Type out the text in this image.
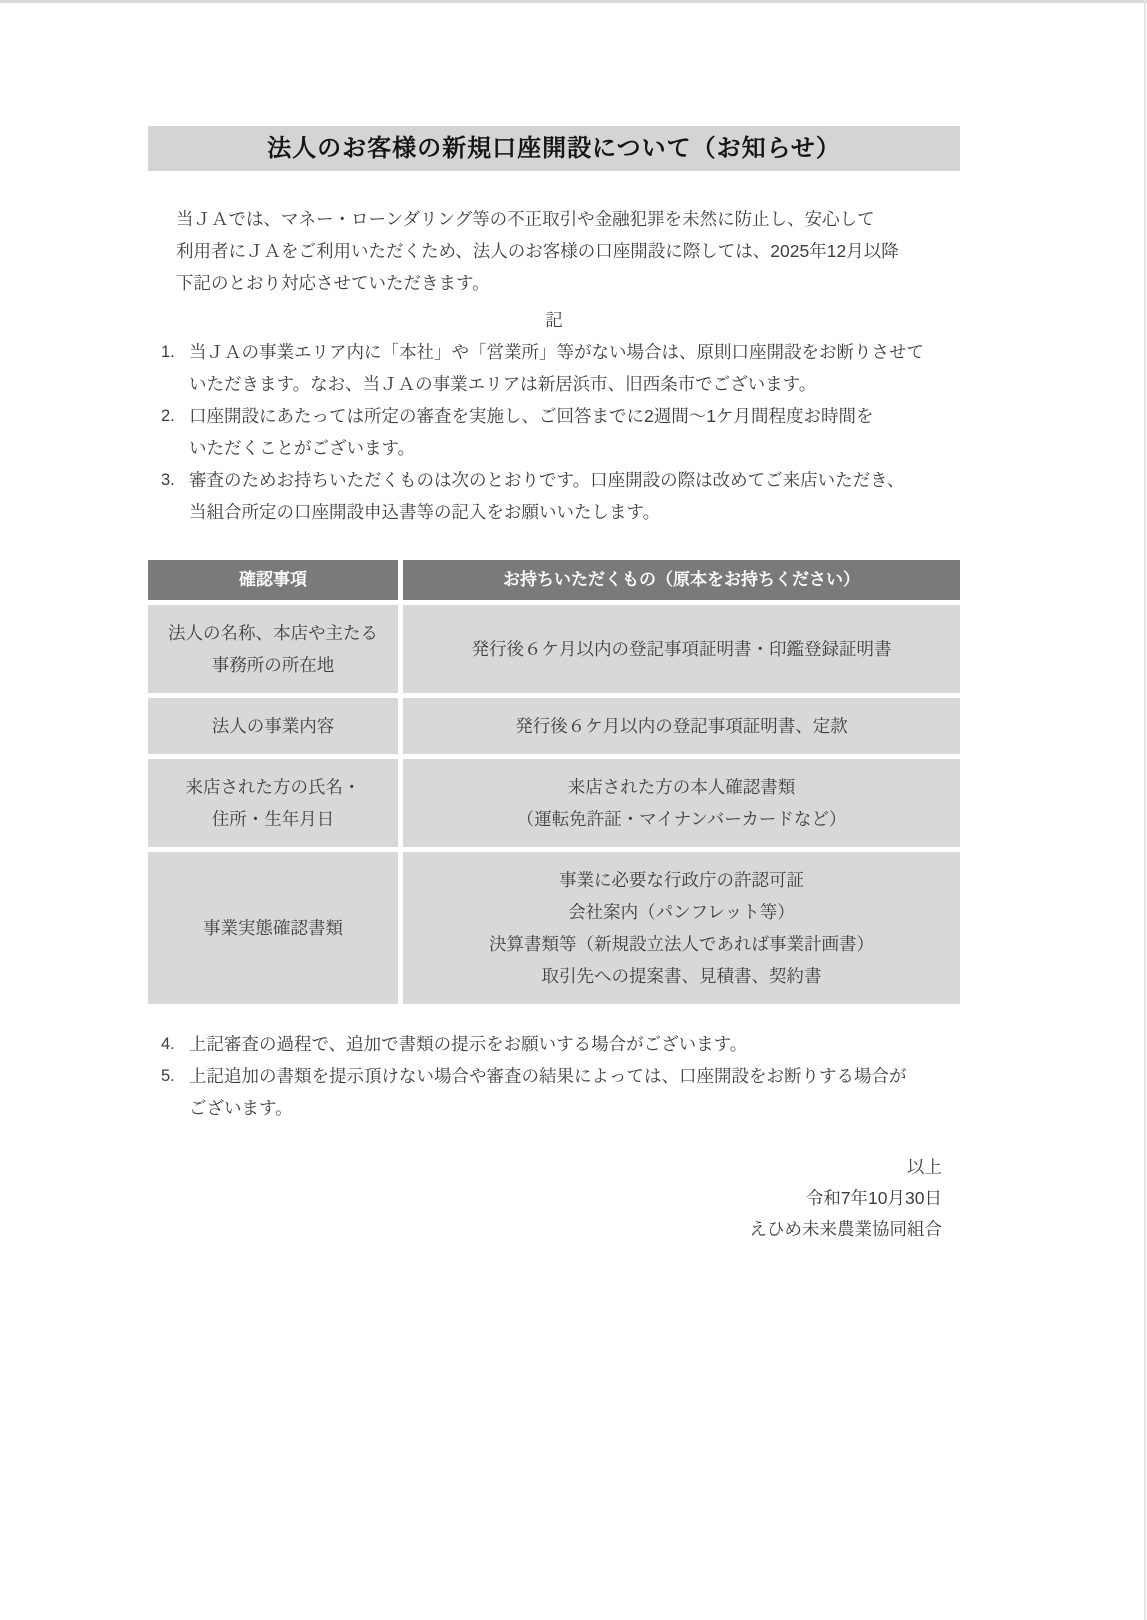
法人のお客様の新規口座開設について（お知らせ）
当ＪＡでは、マネー・ローンダリング等の不正取引や金融犯罪を未然に防止し、安心して
利用者にＪＡをご利用いただくため、法人のお客様の口座開設に際しては、2025年12月以降
下記のとおり対応させていただきます。
記
1. 当ＪＡの事業エリア内に「本社」や「営業所」等がない場合は、原則口座開設をお断りさせて
いただきます。なお、当ＪＡの事業エリアは新居浜市、旧西条市でございます。
2. 口座開設にあたっては所定の審査を実施し、ご回答までに2週間～1ケ月間程度お時間を
いただくことがございます。
3. 審査のためお持ちいただくものは次のとおりです。口座開設の際は改めてご来店いただき、
当組合所定の口座開設申込書等の記入をお願いいたします。
確認事項	お持ちいただくもの（原本をお持ちください）
法人の名称、本店や主たる
事務所の所在地
発行後６ケ月以内の登記事項証明書・印鑑登録証明書
法人の事業内容	発行後６ケ月以内の登記事項証明書、定款
来店された方の氏名・
住所・生年月日
来店された方の本人確認書類
（運転免許証・マイナンバーカードなど）
事業実態確認書類
事業に必要な行政庁の許認可証
会社案内（パンフレット等）
決算書類等（新規設立法人であれば事業計画書）
取引先への提案書、見積書、契約書
4. 上記審査の過程で、追加で書類の提示をお願いする場合がございます。
5. 上記追加の書類を提示頂けない場合や審査の結果によっては、口座開設をお断りする場合が
ございます。
以上
令和7年10月30日
えひめ未来農業協同組合
